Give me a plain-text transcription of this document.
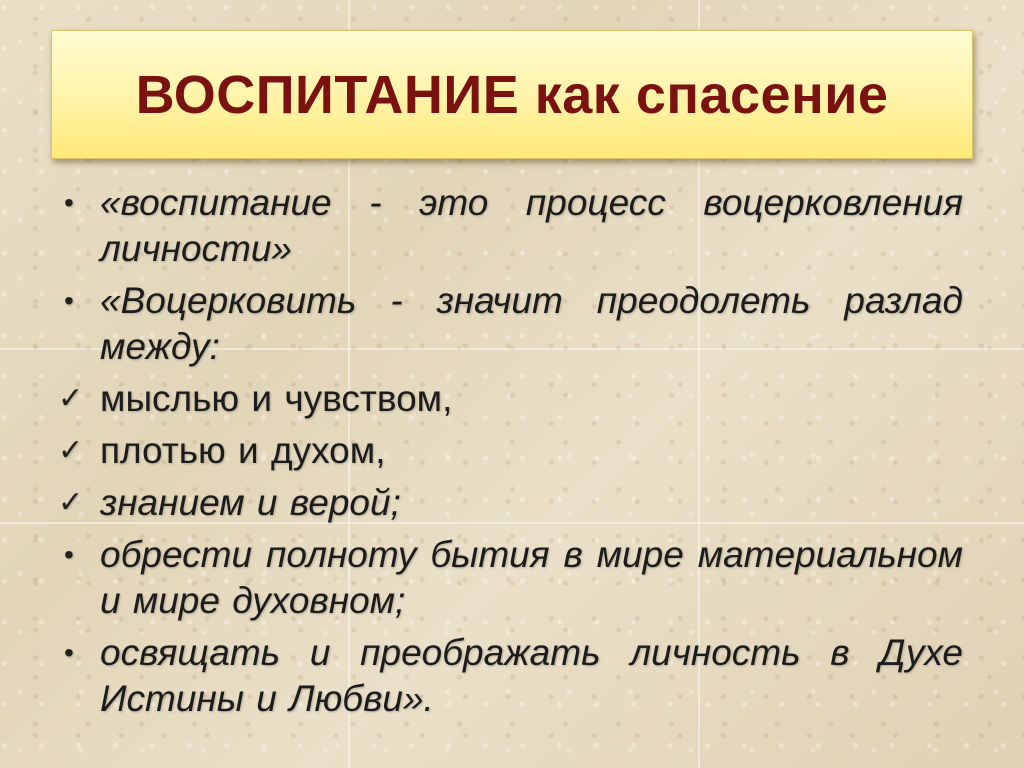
ВОСПИТАНИЕ как спасение
• «воспитание - это процесс воцерковления личности»
• «Воцерковить - значит преодолеть разлад между:
✓ мыслью и чувством,
✓ плотью и духом,
✓ знанием и верой;
• обрести полноту бытия в мире материальном и мире духовном;
• освящать и преображать личность в Духе Истины и Любви».
